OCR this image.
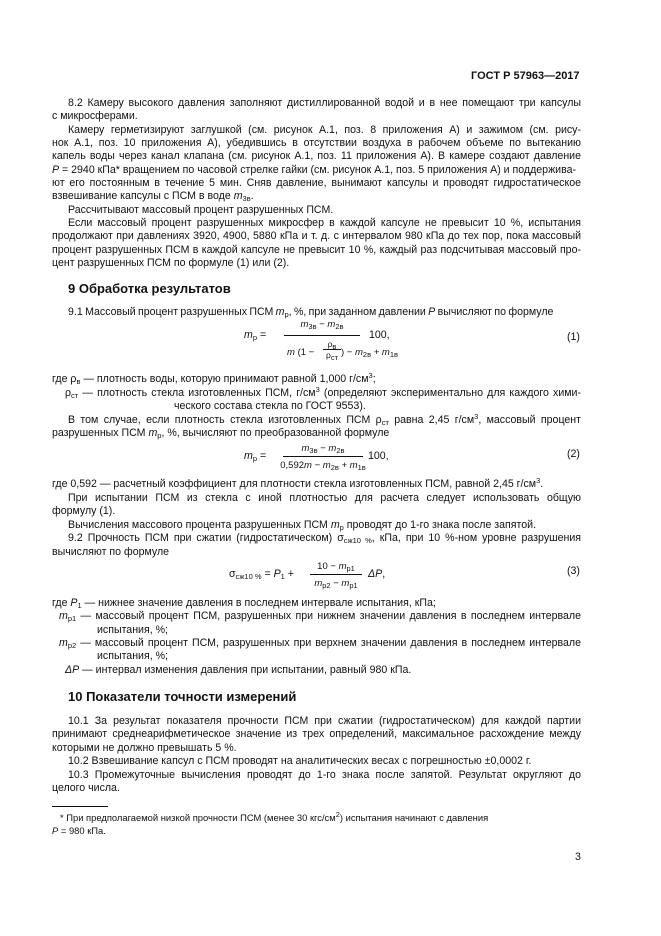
ГОСТ Р 57963—2017
8.2 Камеру высокого давления заполняют дистиллированной водой и в нее помещают три капсулы
с микросферами.
Камеру герметизируют заглушкой (см. рисунок А.1, поз. 8 приложения А) и зажимом (см. рису-
нок А.1, поз. 10 приложения А), убедившись в отсутствии воздуха в рабочем объеме по вытеканию
капель воды через канал клапана (см. рисунок А.1, поз. 11 приложения А). В камере создают давление
P = 2940 кПа* вращением по часовой стрелке гайки (см. рисунок А.1, поз. 5 приложения А) и поддержива-
ют его постоянным в течение 5 мин. Сняв давление, вынимают капсулы и проводят гидростатическое
взвешивание капсулы с ПСМ в воде $m_{3в}$.
Рассчитывают массовый процент разрушенных ПСМ.
Если массовый процент разрушенных микросфер в каждой капсуле не превысит 10 %, испытания
продолжают при давлениях 3920, 4900, 5880 кПа и т. д. с интервалом 980 кПа до тех пор, пока массовый
процент разрушенных ПСМ в каждой капсуле не превысит 10 %, каждый раз подсчитывая массовый про-
цент разрушенных ПСМ по формуле (1) или (2).
9 Обработка результатов
9.1 Массовый процент разрушенных ПСМ $m_p$, %, при заданном давлении P вычисляют по формуле
$m_p$ =
$m_{3в} - m_{2в}$
m (1 −
$\rho_в$
$\rho_{ст}$ ) − $m_{2в} + m_{1в}$
100,	(1)
где $\rho_в$ — плотность воды, которую принимают равной 1,000 $г/см^3$;
$\rho_{ст}$ — плотность стекла изготовленных ПСМ, $г/см^3$ (определяют экспериментально для каждого хими-
ческого состава стекла по ГОСТ 9553).
В том случае, если плотность стекла изготовленных ПСМ $\rho_{ст}$ равна 2,45 $г/см^3$, массовый процент
разрушенных ПСМ $m_p$, %, вычисляют по преобразованной формуле
$m_p$ =
$m_{3в} - m_{2в}$
$0,592m - m_{2в} + m_{1в}$
100,	(2)
где 0,592 — расчетный коэффициент для плотности стекла изготовленных ПСМ, равной 2,45 $г/см^3$.
При испытании ПСМ из стекла с иной плотностью для расчета следует использовать общую
формулу (1).
Вычисления массового процента разрушенных ПСМ $m_p$ проводят до 1-го знака после запятой.
9.2 Прочность ПСМ при сжатии (гидростатическом) $\sigma_{сж10 \%}$, кПа, при 10 %-ном уровне разрушения
вычисляют по формуле
$\sigma_{сж10 \%} = P_1$ +
$10 - m_{p1}$
$m_{p2} - m_{p1}$
ΔP,	(3)
где $P_1$ — нижнее значение давления в последнем интервале испытания, кПа;
$m_{p1}$ — массовый процент ПСМ, разрушенных при нижнем значении давления в последнем интервале
испытания, %;
$m_{p2}$ — массовый процент ПСМ, разрушенных при верхнем значении давления в последнем интервале
испытания, %;
ΔP — интервал изменения давления при испытании, равный 980 кПа.
10 Показатели точности измерений
10.1 За результат показателя прочности ПСМ при сжатии (гидростатическом) для каждой партии
принимают среднеарифметическое значение из трех определений, максимальное расхождение между
которыми не должно превышать 5 %.
10.2 Взвешивание капсул с ПСМ проводят на аналитических весах с погрешностью ±0,0002 г.
10.3 Промежуточные вычисления проводят до 1-го знака после запятой. Результат округляют до
целого числа.
* При предполагаемой низкой прочности ПСМ (менее 30 кгс/$см^2$) испытания начинают с давления
P = 980 кПа.
3
